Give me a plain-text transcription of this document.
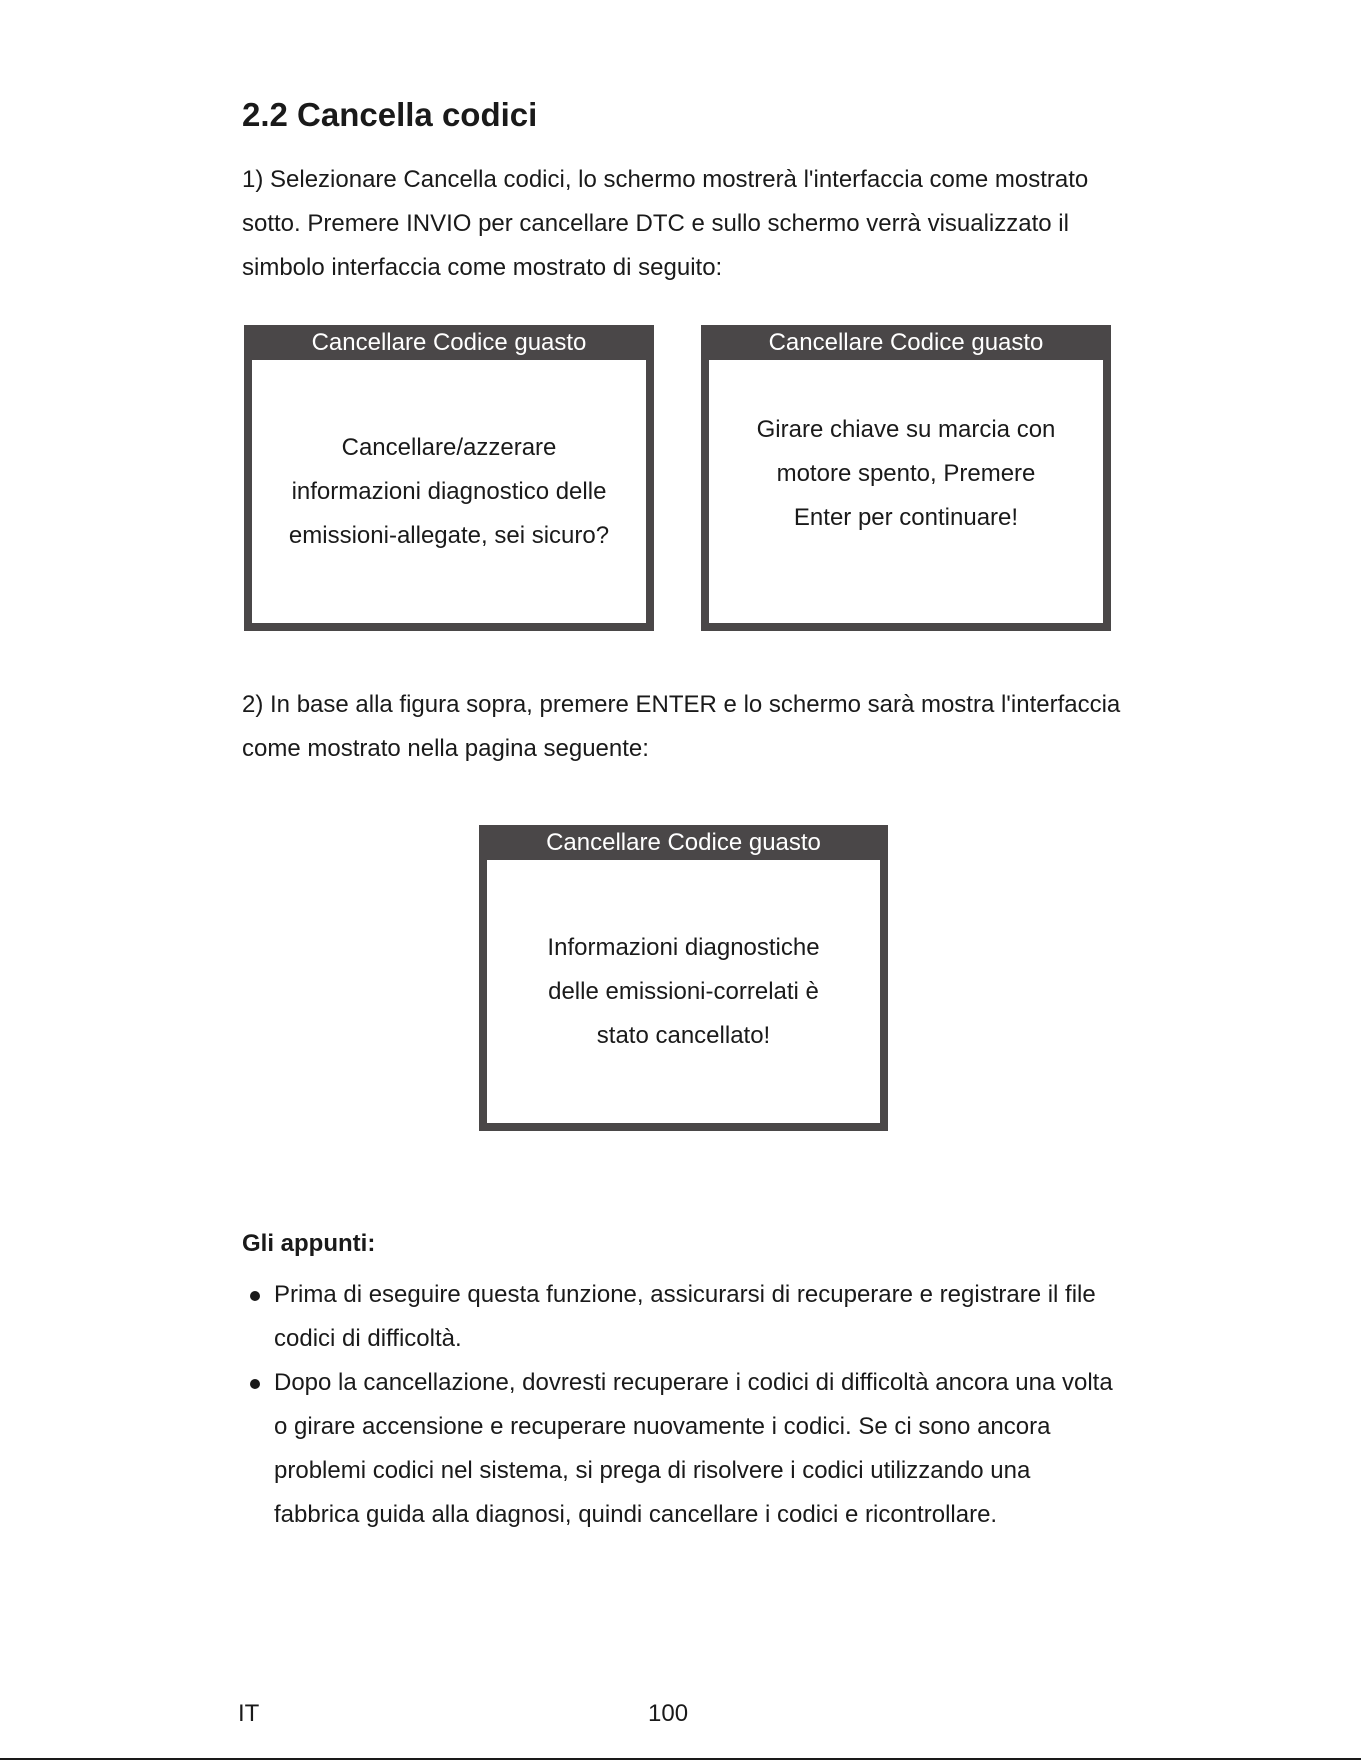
2.2 Cancella codici

1) Selezionare Cancella codici, lo schermo mostrerà l'interfaccia come mostrato sotto. Premere INVIO per cancellare DTC e sullo schermo verrà visualizzato il simbolo interfaccia come mostrato di seguito:

Cancellare Codice guasto
Cancellare/azzerare
informazioni diagnostico delle
emissioni-allegate, sei sicuro?
Cancellare Codice guasto
Girare chiave su marcia con
motore spento, Premere
Enter per continuare!

2) In base alla figura sopra, premere ENTER e lo schermo sarà mostra l'interfaccia come mostrato nella pagina seguente:

Cancellare Codice guasto
Informazioni diagnostiche
delle emissioni-correlati è
stato cancellato!
Gli appunti:
Prima di eseguire questa funzione, assicurarsi di recuperare e registrare il file codici di difficoltà.
Dopo la cancellazione, dovresti recuperare i codici di difficoltà ancora una volta o girare accensione e recuperare nuovamente i codici. Se ci sono ancora problemi codici nel sistema, si prega di risolvere i codici utilizzando una fabbrica guida alla diagnosi, quindi cancellare i codici e ricontrollare.
IT	100
